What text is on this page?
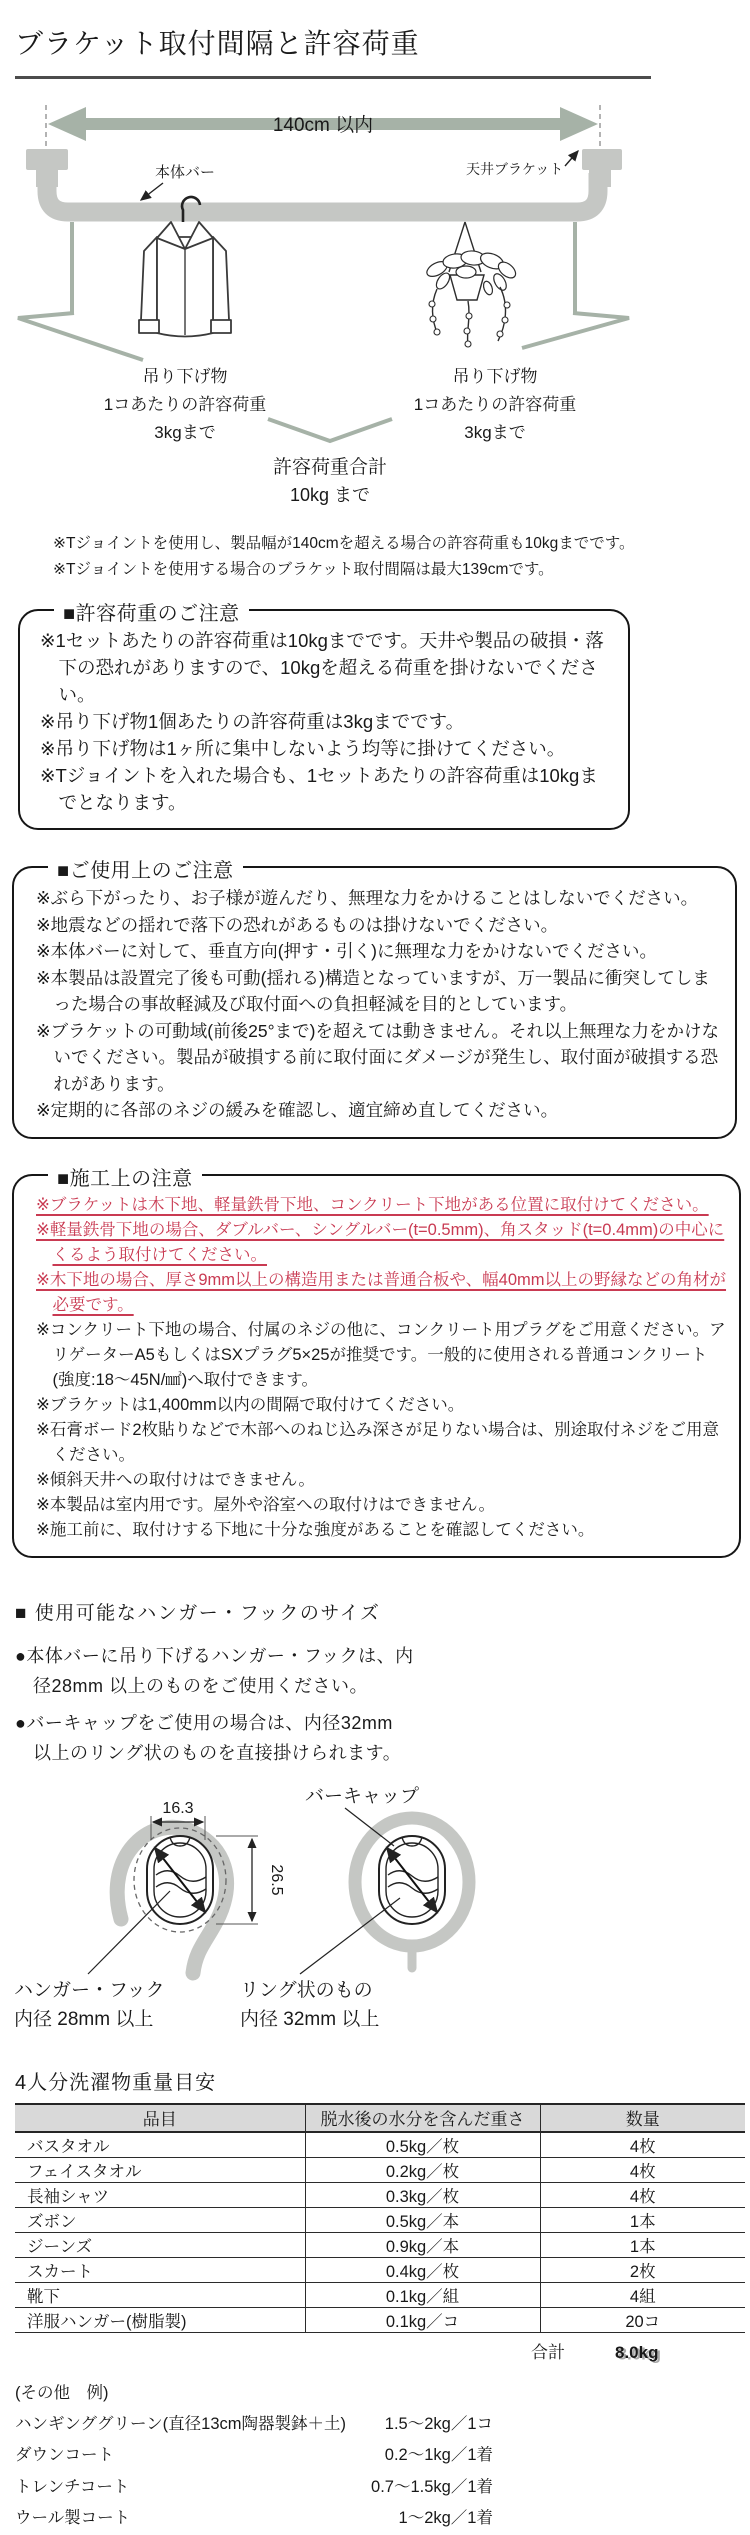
ブラケット取付間隔と許容荷重
140cm 以内
本体バー	天井ブラケット
吊り下げ物
1コあたりの許容荷重
3kgまで
吊り下げ物
1コあたりの許容荷重
3kgまで
許容荷重合計
10kg まで

※Tジョイントを使用し、製品幅が140cmを超える場合の許容荷重も10kgまでです。

※Tジョイントを使用する場合のブラケット取付間隔は最大139cmです。

■許容荷重のご注意
※1セットあたりの許容荷重は10kgまでです。天井や製品の破損・落下の恐れがありますので、10kgを超える荷重を掛けないでください。
※吊り下げ物1個あたりの許容荷重は3kgまでです。
※吊り下げ物は1ヶ所に集中しないよう均等に掛けてください。
※Tジョイントを入れた場合も、1セットあたりの許容荷重は10kgまでとなります。
■ご使用上のご注意
※ぶら下がったり、お子様が遊んだり、無理な力をかけることはしないでください。
※地震などの揺れで落下の恐れがあるものは掛けないでください。
※本体バーに対して、垂直方向(押す・引く)に無理な力をかけないでください。
※本製品は設置完了後も可動(揺れる)構造となっていますが、万一製品に衝突してしまった場合の事故軽減及び取付面への負担軽減を目的としています。
※ブラケットの可動域(前後25°まで)を超えては動きません。それ以上無理な力をかけないでください。製品が破損する前に取付面にダメージが発生し、取付面が破損する恐れがあります。
※定期的に各部のネジの緩みを確認し、適宜締め直してください。
■施工上の注意
※ブラケットは木下地、軽量鉄骨下地、コンクリート下地がある位置に取付けてください。
※軽量鉄骨下地の場合、ダブルバー、シングルバー(t=0.5mm)、角スタッド(t=0.4mm)の中心にくるよう取付けてください。
※木下地の場合、厚さ9mm以上の構造用または普通合板や、幅40mm以上の野縁などの角材が必要です。
※コンクリート下地の場合、付属のネジの他に、コンクリート用プラグをご用意ください。アリゲーターA5もしくはSXプラグ5×25が推奨です。一般的に使用される普通コンクリート(強度:18〜45N/㎟)へ取付できます。
※ブラケットは1,400mm以内の間隔で取付けてください。
※石膏ボード2枚貼りなどで木部へのねじ込み深さが足りない場合は、別途取付ネジをご用意ください。
※傾斜天井への取付けはできません。
※本製品は室内用です。屋外や浴室への取付けはできません。
※施工前に、取付けする下地に十分な強度があることを確認してください。
■ 使用可能なハンガー・フックのサイズ
●本体バーに吊り下げるハンガー・フックは、内径28mm 以上のものをご使用ください。
●バーキャップをご使用の場合は、内径32mm 以上のリング状のものを直接掛けられます。
16.3
26.5
ハンガー・フック
内径 28mm 以上
バーキャップ
リング状のもの
内径 32mm 以上
4人分洗濯物重量目安
品目	脱水後の水分を含んだ重さ	数量
バスタオル	0.5kg／枚	4枚
フェイスタオル	0.2kg／枚	4枚
長袖シャツ	0.3kg／枚	4枚
ズボン	0.5kg／本	1本
ジーンズ	0.9kg／本	1本
スカート	0.4kg／枚	2枚
靴下	0.1kg／組	4組
洋服ハンガー(樹脂製)	0.1kg／コ	20コ
合計	8.0kg

(その他　例)

ハンギンググリーン(直径13cm陶器製鉢＋土) 1.5〜2kg／1コ
ダウンコート	0.2〜1kg／1着
トレンチコート	0.7〜1.5kg／1着
ウール製コート	1〜2kg／1着
